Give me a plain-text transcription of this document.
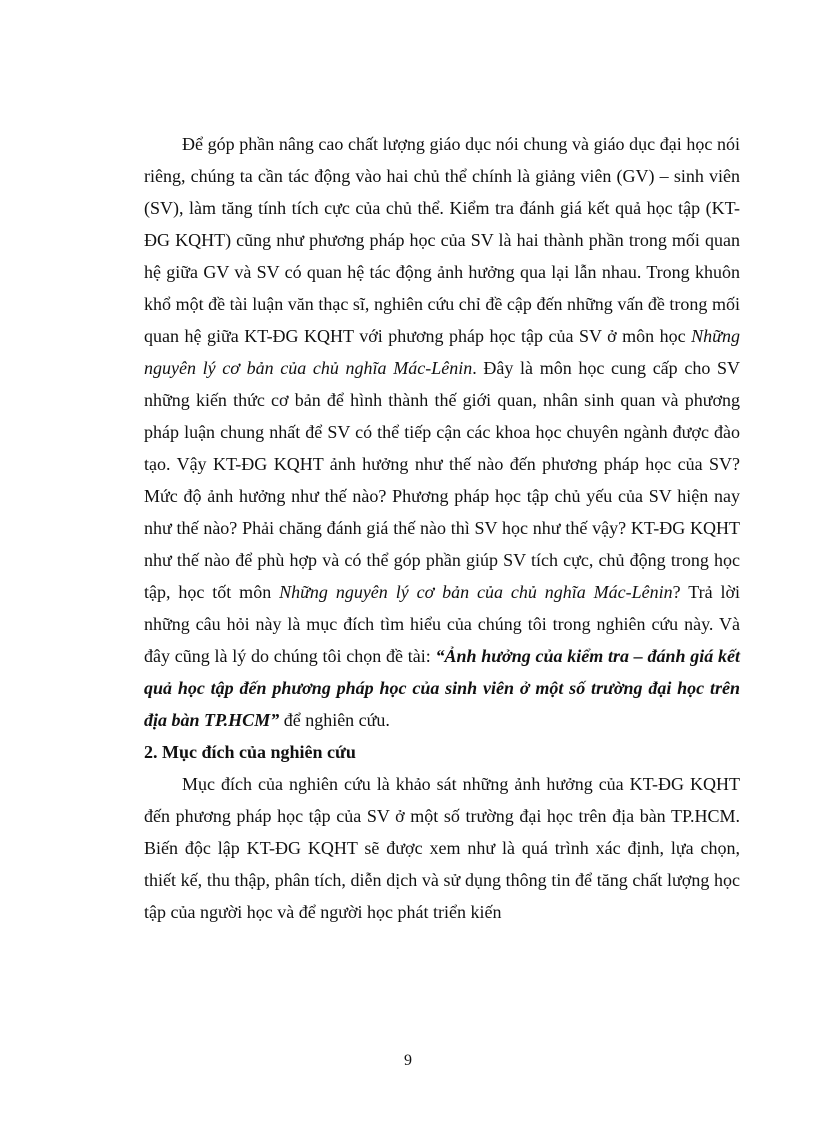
Để góp phần nâng cao chất lượng giáo dục nói chung và giáo dục đại học nói riêng, chúng ta cần tác động vào hai chủ thể chính là giảng viên (GV) – sinh viên (SV), làm tăng tính tích cực của chủ thể. Kiểm tra đánh giá kết quả học tập (KT-ĐG KQHT) cũng như phương pháp học của SV là hai thành phần trong mối quan hệ giữa GV và SV có quan hệ tác động ảnh hưởng qua lại lẫn nhau. Trong khuôn khổ một đề tài luận văn thạc sĩ, nghiên cứu chỉ đề cập đến những vấn đề trong mối quan hệ giữa KT-ĐG KQHT với phương pháp học tập của SV ở môn học Những nguyên lý cơ bản của chủ nghĩa Mác-Lênin. Đây là môn học cung cấp cho SV những kiến thức cơ bản để hình thành thế giới quan, nhân sinh quan và phương pháp luận chung nhất để SV có thể tiếp cận các khoa học chuyên ngành được đào tạo. Vậy KT-ĐG KQHT ảnh hưởng như thế nào đến phương pháp học của SV? Mức độ ảnh hưởng như thế nào? Phương pháp học tập chủ yếu của SV hiện nay như thế nào? Phải chăng đánh giá thế nào thì SV học như thế vậy? KT-ĐG KQHT như thế nào để phù hợp và có thể góp phần giúp SV tích cực, chủ động trong học tập, học tốt môn Những nguyên lý cơ bản của chủ nghĩa Mác-Lênin? Trả lời những câu hỏi này là mục đích tìm hiểu của chúng tôi trong nghiên cứu này. Và đây cũng là lý do chúng tôi chọn đề tài: “Ảnh hưởng của kiểm tra – đánh giá kết quả học tập đến phương pháp học của sinh viên ở một số trường đại học trên địa bàn TP.HCM” để nghiên cứu.

2. Mục đích của nghiên cứu

Mục đích của nghiên cứu là khảo sát những ảnh hưởng của KT-ĐG KQHT đến phương pháp học tập của SV ở một số trường đại học trên địa bàn TP.HCM. Biến độc lập KT-ĐG KQHT sẽ được xem như là quá trình xác định, lựa chọn, thiết kế, thu thập, phân tích, diễn dịch và sử dụng thông tin để tăng chất lượng học tập của người học và để người học phát triển kiến

9
